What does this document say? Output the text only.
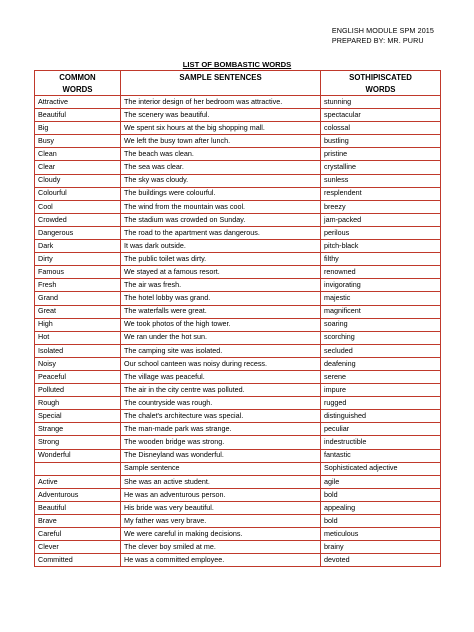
ENGLISH MODULE SPM 2015
PREPARED BY: MR. PURU
LIST OF BOMBASTIC WORDS
COMMON	SAMPLE SENTENCES	SOTHIPISCATED
WORDS		WORDS
Attractive	The interior design of her bedroom was attractive.	stunning
Beautiful	The scenery was beautiful.	spectacular
Big	We spent six hours at the big shopping mall.	colossal
Busy	We left the busy town after lunch.	bustling
Clean	The beach was clean.	pristine
Clear	The sea was clear.	crystalline
Cloudy	The sky was cloudy.	sunless
Colourful	The buildings were colourful.	resplendent
Cool	The wind from the mountain was cool.	breezy
Crowded	The stadium was crowded on Sunday.	jam-packed
Dangerous	The road to the apartment was dangerous.	perilous
Dark	It was dark outside.	pitch-black
Dirty	The public toilet was dirty.	filthy
Famous	We stayed at a famous resort.	renowned
Fresh	The air was fresh.	invigorating
Grand	The hotel lobby was grand.	majestic
Great	The waterfalls were great.	magnificent
High	We took photos of the high tower.	soaring
Hot	We ran under the hot sun.	scorching
Isolated	The camping site was isolated.	secluded
Noisy	Our school canteen was noisy during recess.	deafening
Peaceful	The village was peaceful.	serene
Polluted	The air in the city centre was polluted.	impure
Rough	The countryside was rough.	rugged
Special	The chalet's architecture was special.	distinguished
Strange	The man-made park was strange.	peculiar
Strong	The wooden bridge was strong.	indestructible
Wonderful	The Disneyland was wonderful.	fantastic
	Sample sentence	Sophisticated adjective
Active	She was an active student.	agile
Adventurous	He was an adventurous person.	bold
Beautiful	His bride was very beautiful.	appealing
Brave	My father was very brave.	bold
Careful	We were careful in making decisions.	meticulous
Clever	The clever boy smiled at me.	brainy
Committed	He was a committed employee.	devoted
